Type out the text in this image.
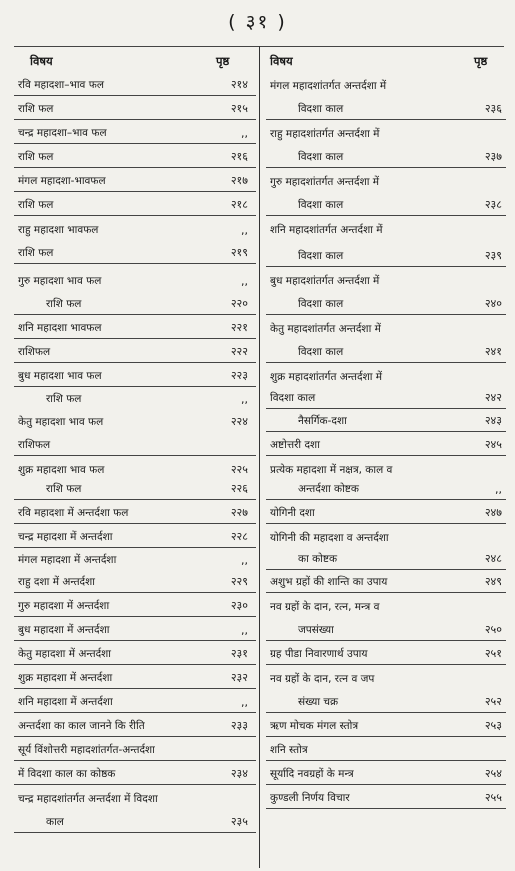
( ३१ )
विषय	पृष्ठ	विषय	पृष्ठ
रवि महादशा–भाव फल	२१४
राशि फल	२१५
चन्द्र महादशा–भाव फल	,,
राशि फल	२१६
मंगल महादशा-भावफल	२१७
राशि फल	२१८
राहु महादशा भावफल	,,
राशि फल	२१९
गुरु महादशा भाव फल	,,
राशि फल	२२०
शनि महादशा भावफल	२२१
राशिफल	२२२
बुध महादशा भाव फल	२२३
राशि फल	,,
केतु महादशा भाव फल	२२४
राशिफल
शुक्र महादशा भाव फल	२२५
राशि फल	२२६
रवि महादशा में अन्तर्दशा फल	२२७
चन्द्र महादशा में अन्तर्दशा	२२८
मंगल महादशा में अन्तर्दशा	,,
राहु दशा में अन्तर्दशा	२२९
गुरु महादशा में अन्तर्दशा	२३०
बुध महादशा में अन्तर्दशा	,,
केतु महादशा में अन्तर्दशा	२३१
शुक्र महादशा में अन्तर्दशा	२३२
शनि महादशा में अन्तर्दशा	,,
अन्तर्दशा का काल जानने कि रीति	२३३
सूर्य विंशोत्तरी महादशांतर्गत-अन्तर्दशा
में विदशा काल का कोष्ठक	२३४
चन्द्र महादशांतर्गत अन्तर्दशा में विदशा
काल	२३५
मंगल महादशांतर्गत अन्तर्दशा में
विदशा काल	२३६
राहु महादशांतर्गत अन्तर्दशा में
विदशा काल	२३७
गुरु महादशांतर्गत अन्तर्दशा में
विदशा काल	२३८
शनि महादशांतर्गत अन्तर्दशा में
विदशा काल	२३९
बुध महादशांतर्गत अन्तर्दशा में
विदशा काल	२४०
केतु महादशांतर्गत अन्तर्दशा में
विदशा काल	२४१
शुक्र महादशांतर्गत अन्तर्दशा में
विदशा काल	२४२
नैसर्गिक-दशा	२४३
अष्टोत्तरी दशा	२४५
प्रत्येक महादशा में नक्षत्र, काल व
अन्तर्दशा कोष्टक	,,
योगिनी दशा	२४७
योगिनी की महादशा व अन्तर्दशा
का कोष्टक	२४८
अशुभ ग्रहों की शान्ति का उपाय	२४९
नव ग्रहों के दान, रत्न, मन्त्र व
जपसंख्या	२५०
ग्रह पीडा निवारणार्थ उपाय	२५१
नव ग्रहों के दान, रत्न व जप
संख्या चक्र	२५२
ऋण मोचक मंगल स्तोत्र	२५३
शनि स्तोत्र
सूर्यादि नवग्रहों के मन्त्र	२५४
कुण्डली निर्णय विचार	२५५
